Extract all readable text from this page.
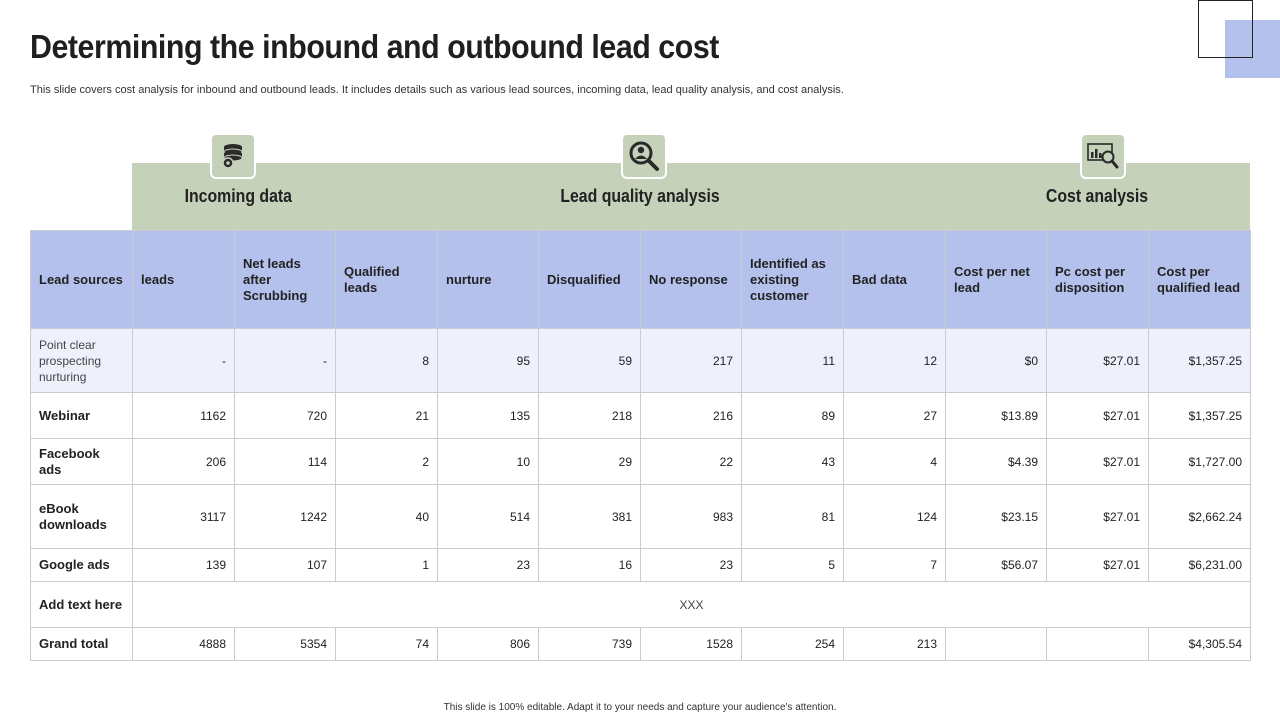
Determining the inbound and outbound lead cost
This slide covers cost analysis for inbound and outbound leads. It includes details such as various lead sources, incoming data, lead quality analysis, and cost analysis.
Incoming data	Lead quality analysis	Cost analysis
Lead sources	leads	Net leads after Scrubbing	Qualified leads	nurture	Disqualified	No response	Identified as existing customer	Bad data	Cost per net lead	Pc cost per disposition	Cost per qualified lead
Point clear prospecting nurturing	-	-	8	95	59	217	11	12	$0	$27.01	$1,357.25
Webinar	1162	720	21	135	218	216	89	27	$13.89	$27.01	$1,357.25
Facebook ads	206	114	2	10	29	22	43	4	$4.39	$27.01	$1,727.00
eBook downloads	3117	1242	40	514	381	983	81	124	$23.15	$27.01	$2,662.24
Google ads	139	107	1	23	16	23	5	7	$56.07	$27.01	$6,231.00
Add text here	XXX										
Grand total	4888	5354	74	806	739	1528	254	213			$4,305.54
This slide is 100% editable. Adapt it to your needs and capture your audience's attention.
